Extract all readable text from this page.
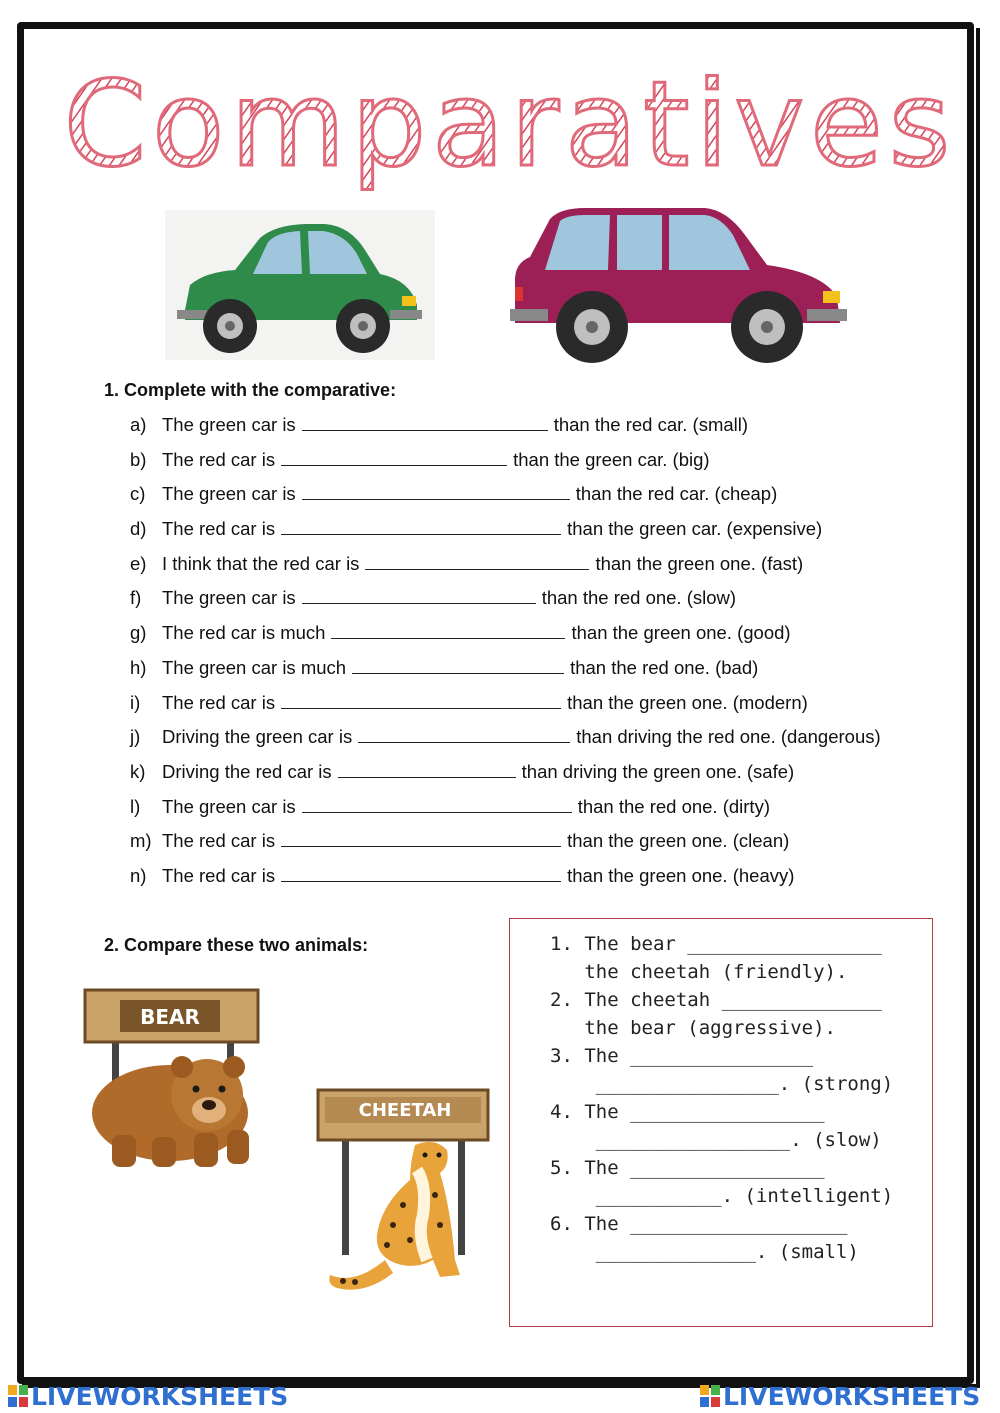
Comparatives
1. Complete with the comparative:
a) The green car is	than the red car. (small)
b) The red car is	than the green car. (big)
c) The green car is	than the red car. (cheap)
d) The red car is	than the green car. (expensive)
e) I think that the red car is	than the green one. (fast)
f) The green car is	than the red one. (slow)
g) The red car is much	than the green one. (good)
h) The green car is much	than the red one. (bad)
i) The red car is	than the green one. (modern)
j) Driving the green car is	than driving the red one. (dangerous)
k) Driving the red car is	than driving the green one. (safe)
l) The green car is	than the red one. (dirty)
m) The red car is	than the green one. (clean)
n) The red car is	than the green one. (heavy)
2. Compare these two animals:
BEAR
CHEETAH
1. The bear _________________
the cheetah (friendly).
2. The cheetah ______________
the bear (aggressive).
3. The ________________
________________. (strong)
4. The _________________
_________________. (slow)
5. The _________________
___________. (intelligent)
6. The ___________________
______________. (small)
LIVEWORKSHEETS	LIVEWORKSHEETS
